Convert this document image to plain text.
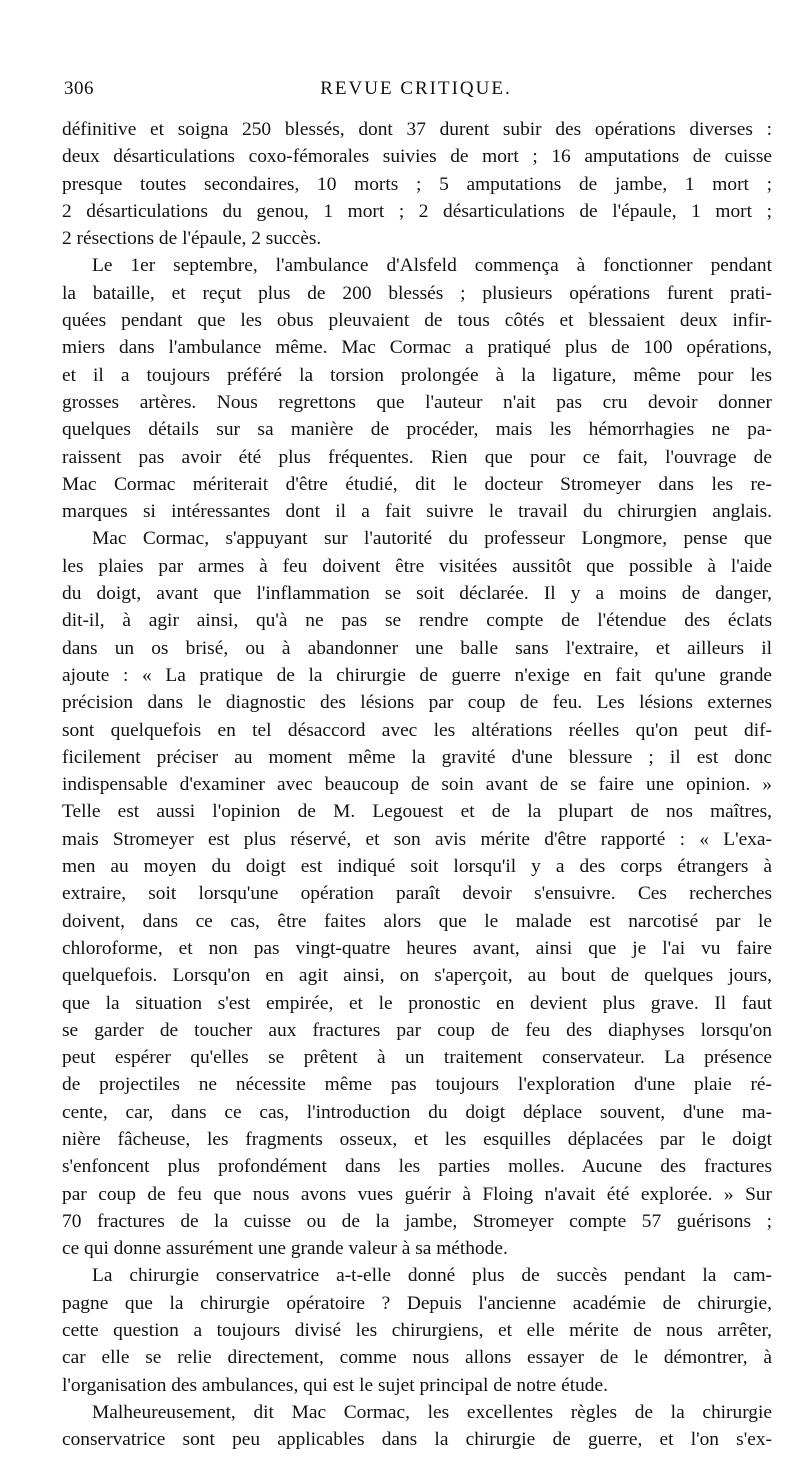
306	REVUE CRITIQUE.
définitive et soigna 250 blessés, dont 37 durent subir des opérations diverses :
deux désarticulations coxo-fémorales suivies de mort ; 16 amputations de cuisse
presque toutes secondaires, 10 morts ; 5 amputations de jambe, 1 mort ;
2 désarticulations du genou, 1 mort ; 2 désarticulations de l'épaule, 1 mort ;
2 résections de l'épaule, 2 succès.
Le 1er septembre, l'ambulance d'Alsfeld commença à fonctionner pendant
la bataille, et reçut plus de 200 blessés ; plusieurs opérations furent prati-
quées pendant que les obus pleuvaient de tous côtés et blessaient deux infir-
miers dans l'ambulance même. Mac Cormac a pratiqué plus de 100 opérations,
et il a toujours préféré la torsion prolongée à la ligature, même pour les
grosses artères. Nous regrettons que l'auteur n'ait pas cru devoir donner
quelques détails sur sa manière de procéder, mais les hémorrhagies ne pa-
raissent pas avoir été plus fréquentes. Rien que pour ce fait, l'ouvrage de
Mac Cormac mériterait d'être étudié, dit le docteur Stromeyer dans les re-
marques si intéressantes dont il a fait suivre le travail du chirurgien anglais.
Mac Cormac, s'appuyant sur l'autorité du professeur Longmore, pense que
les plaies par armes à feu doivent être visitées aussitôt que possible à l'aide
du doigt, avant que l'inflammation se soit déclarée. Il y a moins de danger,
dit-il, à agir ainsi, qu'à ne pas se rendre compte de l'étendue des éclats
dans un os brisé, ou à abandonner une balle sans l'extraire, et ailleurs il
ajoute : « La pratique de la chirurgie de guerre n'exige en fait qu'une grande
précision dans le diagnostic des lésions par coup de feu. Les lésions externes
sont quelquefois en tel désaccord avec les altérations réelles qu'on peut dif-
ficilement préciser au moment même la gravité d'une blessure ; il est donc
indispensable d'examiner avec beaucoup de soin avant de se faire une opinion. »
Telle est aussi l'opinion de M. Legouest et de la plupart de nos maîtres,
mais Stromeyer est plus réservé, et son avis mérite d'être rapporté : « L'exa-
men au moyen du doigt est indiqué soit lorsqu'il y a des corps étrangers à
extraire, soit lorsqu'une opération paraît devoir s'ensuivre. Ces recherches
doivent, dans ce cas, être faites alors que le malade est narcotisé par le
chloroforme, et non pas vingt-quatre heures avant, ainsi que je l'ai vu faire
quelquefois. Lorsqu'on en agit ainsi, on s'aperçoit, au bout de quelques jours,
que la situation s'est empirée, et le pronostic en devient plus grave. Il faut
se garder de toucher aux fractures par coup de feu des diaphyses lorsqu'on
peut espérer qu'elles se prêtent à un traitement conservateur. La présence
de projectiles ne nécessite même pas toujours l'exploration d'une plaie ré-
cente, car, dans ce cas, l'introduction du doigt déplace souvent, d'une ma-
nière fâcheuse, les fragments osseux, et les esquilles déplacées par le doigt
s'enfoncent plus profondément dans les parties molles. Aucune des fractures
par coup de feu que nous avons vues guérir à Floing n'avait été explorée. » Sur
70 fractures de la cuisse ou de la jambe, Stromeyer compte 57 guérisons ;
ce qui donne assurément une grande valeur à sa méthode.
La chirurgie conservatrice a-t-elle donné plus de succès pendant la cam-
pagne que la chirurgie opératoire ? Depuis l'ancienne académie de chirurgie,
cette question a toujours divisé les chirurgiens, et elle mérite de nous arrêter,
car elle se relie directement, comme nous allons essayer de le démontrer, à
l'organisation des ambulances, qui est le sujet principal de notre étude.
Malheureusement, dit Mac Cormac, les excellentes règles de la chirurgie
conservatrice sont peu applicables dans la chirurgie de guerre, et l'on s'ex-
